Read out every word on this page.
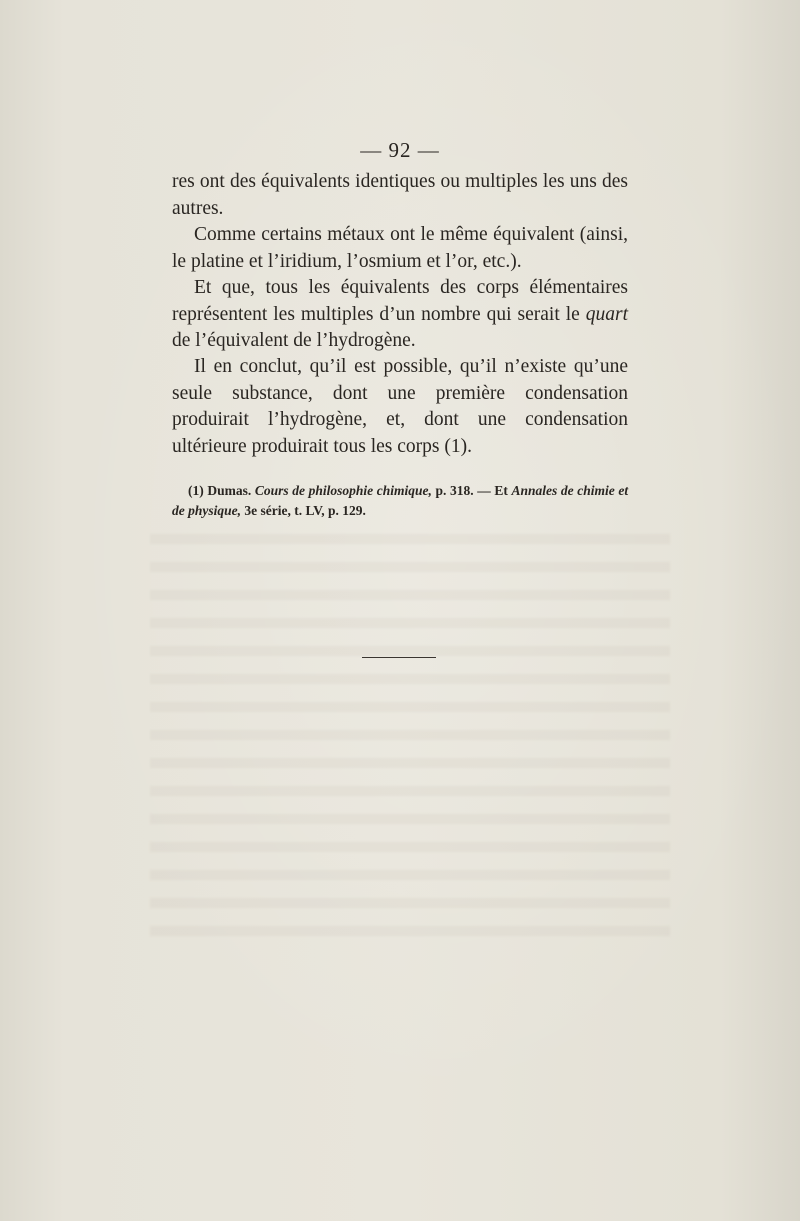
— 92 —

res ont des équivalents identiques ou multiples les uns des autres.

Comme certains métaux ont le même équivalent (ainsi, le platine et l’iridium, l’osmium et l’or, etc.).

Et que, tous les équivalents des corps élémentaires représentent les multiples d’un nombre qui serait le quart de l’équivalent de l’hydrogène.

Il en conclut, qu’il est possible, qu’il n’existe qu’une seule substance, dont une première condensation produirait l’hydrogène, et, dont une condensation ultérieure produirait tous les corps (1).

(1) Dumas. Cours de philosophie chimique, p. 318. — Et Annales de chimie et de physique, 3e série, t. LV, p. 129.
